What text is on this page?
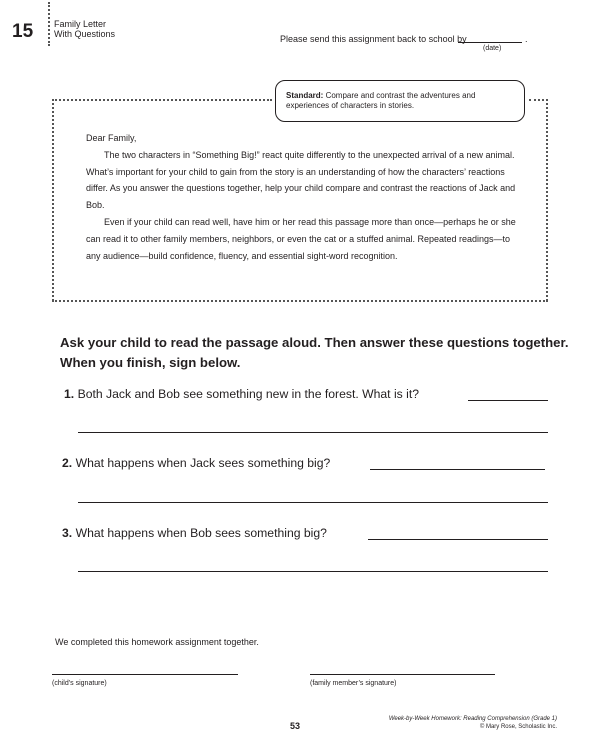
15 Family Letter
With Questions	Please send this assignment back to school by	.
(date)
Standard: Compare and contrast the adventures and experiences of characters in stories.

Dear Family,

The two characters in “Something Big!” react quite differently to the unexpected arrival of a new animal. What’s important for your child to gain from the story is an understanding of how the characters’ reactions differ. As you answer the questions together, help your child compare and contrast the reactions of Jack and Bob.

Even if your child can read well, have him or her read this passage more than once—perhaps he or she can read it to other family members, neighbors, or even the cat or a stuffed animal. Repeated readings—to any audience—build confidence, fluency, and essential sight-word recognition.

Ask your child to read the passage aloud. Then answer these questions together. When you finish, sign below.
1. Both Jack and Bob see something new in the forest. What is it?
2. What happens when Jack sees something big?
3. What happens when Bob sees something big?
We completed this homework assignment together.
(child’s signature)	(family member’s signature)
53
Week-by-Week Homework: Reading Comprehension (Grade 1)
© Mary Rose, Scholastic Inc.
